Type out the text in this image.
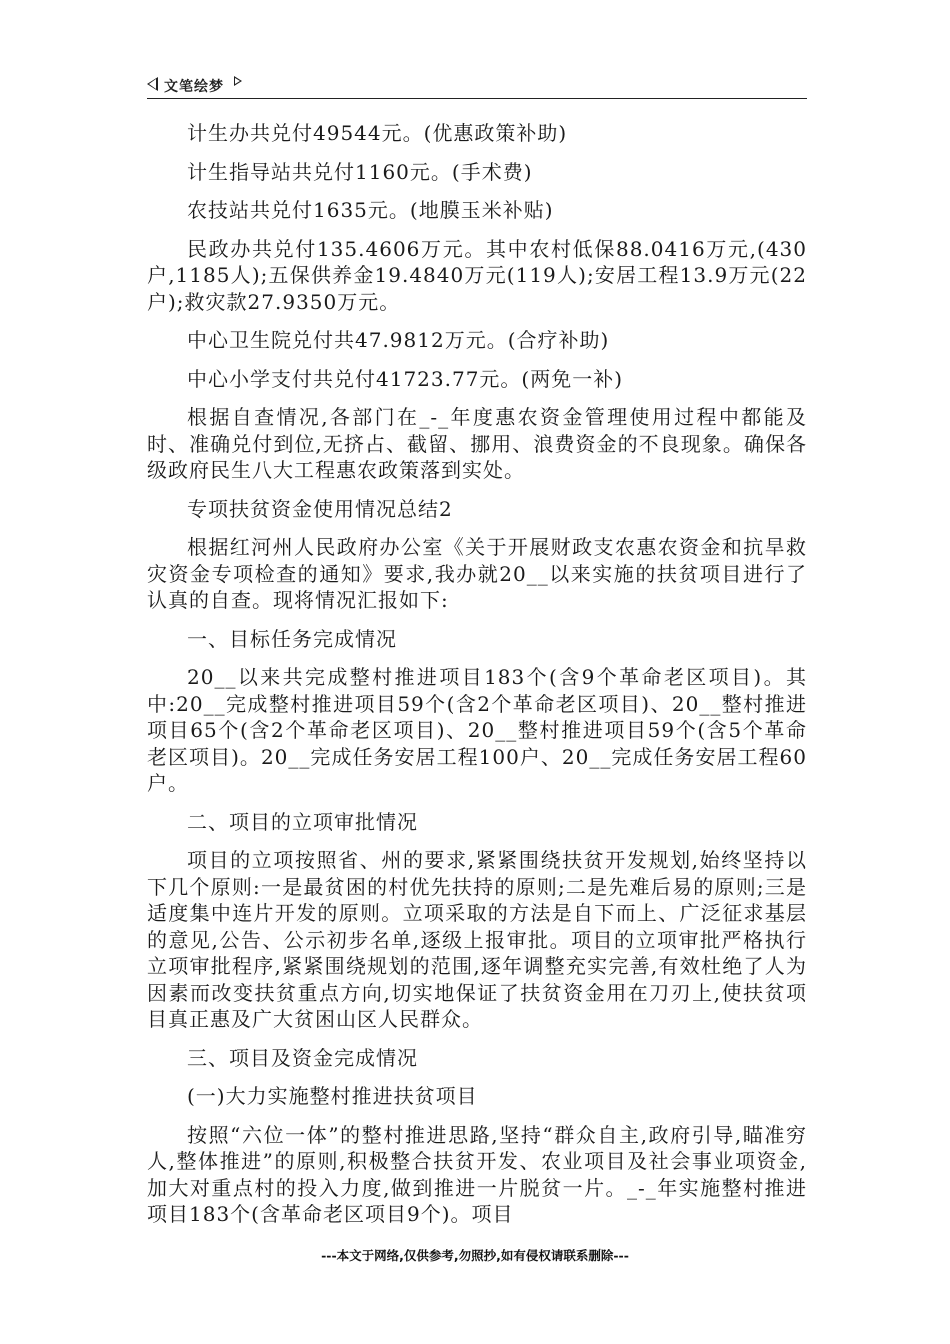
文笔绘梦

计生办共兑付49544元。(优惠政策补助)

计生指导站共兑付1160元。(手术费)

农技站共兑付1635元。(地膜玉米补贴)

民政办共兑付135.4606万元。其中农村低保88.0416万元,(430户,1185人);五保供养金19.4840万元(119人);安居工程13.9万元(22户);救灾款27.9350万元。

中心卫生院兑付共47.9812万元。(合疗补助)

中心小学支付共兑付41723.77元。(两免一补)

根据自查情况,各部门在_-_年度惠农资金管理使用过程中都能及时、准确兑付到位,无挤占、截留、挪用、浪费资金的不良现象。确保各级政府民生八大工程惠农政策落到实处。

专项扶贫资金使用情况总结2

根据红河州人民政府办公室《关于开展财政支农惠农资金和抗旱救灾资金专项检查的通知》要求,我办就20__以来实施的扶贫项目进行了认真的自查。现将情况汇报如下:

一、目标任务完成情况

20__以来共完成整村推进项目183个(含9个革命老区项目)。其中:20__完成整村推进项目59个(含2个革命老区项目)、20__整村推进项目65个(含2个革命老区项目)、20__整村推进项目59个(含5个革命老区项目)。20__完成任务安居工程100户、20__完成任务安居工程60户。

二、项目的立项审批情况

项目的立项按照省、州的要求,紧紧围绕扶贫开发规划,始终坚持以下几个原则:一是最贫困的村优先扶持的原则;二是先难后易的原则;三是适度集中连片开发的原则。立项采取的方法是自下而上、广泛征求基层的意见,公告、公示初步名单,逐级上报审批。项目的立项审批严格执行立项审批程序,紧紧围绕规划的范围,逐年调整充实完善,有效杜绝了人为因素而改变扶贫重点方向,切实地保证了扶贫资金用在刀刃上,使扶贫项目真正惠及广大贫困山区人民群众。

三、项目及资金完成情况

(一)大力实施整村推进扶贫项目

按照“六位一体”的整村推进思路,坚持“群众自主,政府引导,瞄准穷人,整体推进”的原则,积极整合扶贫开发、农业项目及社会事业项资金,加大对重点村的投入力度,做到推进一片脱贫一片。_-_年实施整村推进项目183个(含革命老区项目9个)。项目

---本文于网络,仅供参考,勿照抄,如有侵权请联系删除---
